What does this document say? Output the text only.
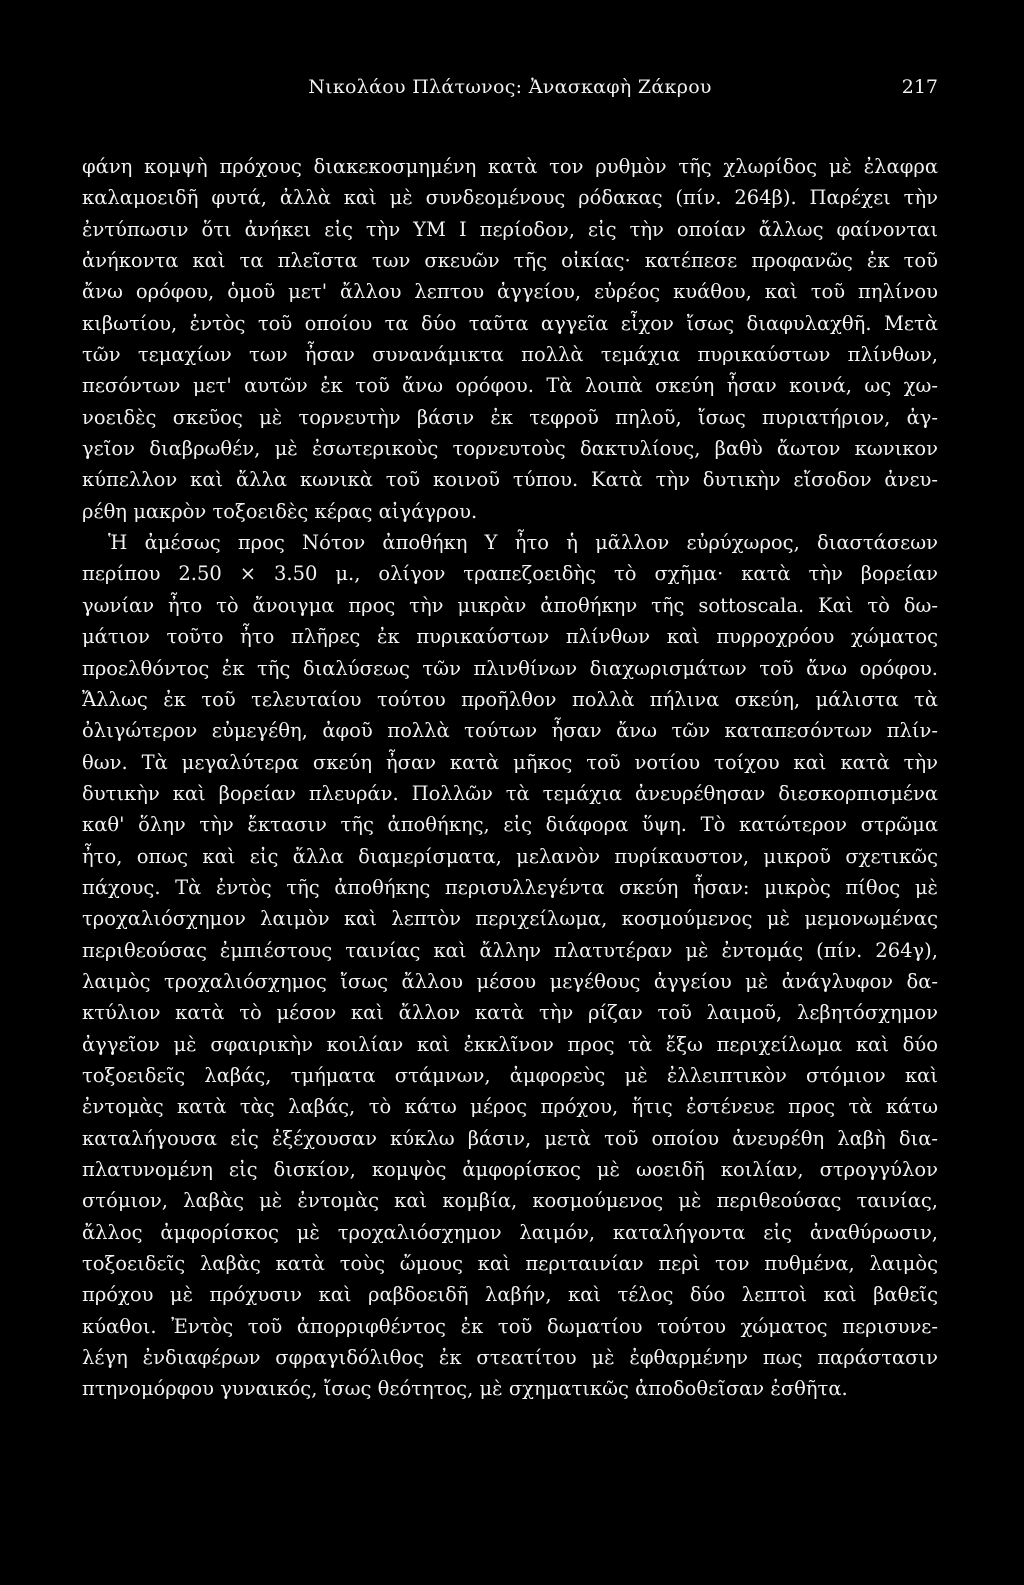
Νικολάου Πλάτωνος: Ἀνασκαφὴ Ζάκρου	217
φάνη κομψὴ πρόχους διακεκοσμημένη κατὰ τον ρυθμὸν τῆς χλωρίδος μὲ ἐλαφρα
καλαμοειδῆ φυτά, ἀλλὰ καὶ μὲ συνδεομένους ρόδακας (πίν. 264β). Παρέχει τὴν
ἐντύπωσιν ὅτι ἀνήκει εἰς τὴν ΥΜ Ι περίοδον, εἰς τὴν οποίαν ἄλλως φαίνονται
ἀνήκοντα καὶ τα πλεῖστα των σκευῶν τῆς οἰκίας· κατέπεσε προφανῶς ἐκ τοῦ
ἄνω ορόφου, ὁμοῦ μετ' ἄλλου λεπτου ἀγγείου, εὐρέος κυάθου, καὶ τοῦ πηλίνου
κιβωτίου, ἐντὸς τοῦ οποίου τα δύο ταῦτα αγγεῖα εἶχον ἴσως διαφυλαχθῆ. Μετὰ
τῶν τεμαχίων των ἦσαν συνανάμικτα πολλὰ τεμάχια πυρικαύστων πλίνθων,
πεσόντων μετ' αυτῶν ἐκ τοῦ ἄνω ορόφου. Τὰ λοιπὰ σκεύη ἦσαν κοινά, ως χω-
νοειδὲς σκεῦος μὲ τορνευτὴν βάσιν ἐκ τεφροῦ πηλοῦ, ἴσως πυριατήριον, ἀγ-
γεῖον διαβρωθέν, μὲ ἐσωτερικοὺς τορνευτοὺς δακτυλίους, βαθὺ ἄωτον κωνικον
κύπελλον καὶ ἄλλα κωνικὰ τοῦ κοινοῦ τύπου. Κατὰ τὴν δυτικὴν εἴσοδον ἀνευ-
ρέθη μακρὸν τοξοειδὲς κέρας αἰγάγρου.
Ἡ ἀμέσως προς Νότον ἀποθήκη Υ ἦτο ἡ μᾶλλον εὐρύχωρος, διαστάσεων
περίπου 2.50 × 3.50 μ., ολίγον τραπεζοειδὴς τὸ σχῆμα· κατὰ τὴν βορείαν
γωνίαν ἦτο τὸ ἄνοιγμα προς τὴν μικρὰν ἀποθήκην τῆς sottoscala. Καὶ τὸ δω-
μάτιον τοῦτο ἦτο πλῆρες ἐκ πυρικαύστων πλίνθων καὶ πυρροχρόου χώματος
προελθόντος ἐκ τῆς διαλύσεως τῶν πλινθίνων διαχωρισμάτων τοῦ ἄνω ορόφου.
Ἄλλως ἐκ τοῦ τελευταίου τούτου προῆλθον πολλὰ πήλινα σκεύη, μάλιστα τὰ
ὀλιγώτερον εὐμεγέθη, ἀφοῦ πολλὰ τούτων ἦσαν ἄνω τῶν καταπεσόντων πλίν-
θων. Τὰ μεγαλύτερα σκεύη ἦσαν κατὰ μῆκος τοῦ νοτίου τοίχου καὶ κατὰ τὴν
δυτικὴν καὶ βορείαν πλευράν. Πολλῶν τὰ τεμάχια ἀνευρέθησαν διεσκορπισμένα
καθ' ὅλην τὴν ἔκτασιν τῆς ἀποθήκης, εἰς διάφορα ὕψη. Τὸ κατώτερον στρῶμα
ἦτο, οπως καὶ εἰς ἄλλα διαμερίσματα, μελανὸν πυρίκαυστον, μικροῦ σχετικῶς
πάχους. Τὰ ἐντὸς τῆς ἀποθήκης περισυλλεγέντα σκεύη ἦσαν: μικρὸς πίθος μὲ
τροχαλιόσχημον λαιμὸν καὶ λεπτὸν περιχείλωμα, κοσμούμενος μὲ μεμονωμένας
περιθεούσας ἐμπιέστους ταινίας καὶ ἄλλην πλατυτέραν μὲ ἐντομάς (πίν. 264γ),
λαιμὸς τροχαλιόσχημος ἴσως ἄλλου μέσου μεγέθους ἀγγείου μὲ ἀνάγλυφον δα-
κτύλιον κατὰ τὸ μέσον καὶ ἄλλον κατὰ τὴν ρίζαν τοῦ λαιμοῦ, λεβητόσχημον
ἀγγεῖον μὲ σφαιρικὴν κοιλίαν καὶ ἐκκλῖνον προς τὰ ἔξω περιχείλωμα καὶ δύο
τοξοειδεῖς λαβάς, τμήματα στάμνων, ἀμφορεὺς μὲ ἐλλειπτικὸν στόμιον καὶ
ἐντομὰς κατὰ τὰς λαβάς, τὸ κάτω μέρος πρόχου, ἥτις ἐστένευε προς τὰ κάτω
καταλήγουσα εἰς ἐξέχουσαν κύκλω βάσιν, μετὰ τοῦ οποίου ἀνευρέθη λαβὴ δια-
πλατυνομένη εἰς δισκίον, κομψὸς ἀμφορίσκος μὲ ωοειδῆ κοιλίαν, στρογγύλον
στόμιον, λαβὰς μὲ ἐντομὰς καὶ κομβία, κοσμούμενος μὲ περιθεούσας ταινίας,
ἄλλος ἀμφορίσκος μὲ τροχαλιόσχημον λαιμόν, καταλήγοντα εἰς ἀναθύρωσιν,
τοξοειδεῖς λαβὰς κατὰ τοὺς ὤμους καὶ περιταινίαν περὶ τον πυθμένα, λαιμὸς
πρόχου μὲ πρόχυσιν καὶ ραβδοειδῆ λαβήν, καὶ τέλος δύο λεπτοὶ καὶ βαθεῖς
κύαθοι. Ἐντὸς τοῦ ἀπορριφθέντος ἐκ τοῦ δωματίου τούτου χώματος περισυνε-
λέγη ἐνδιαφέρων σφραγιδόλιθος ἐκ στεατίτου μὲ ἐφθαρμένην πως παράστασιν
πτηνομόρφου γυναικός, ἴσως θεότητος, μὲ σχηματικῶς ἀποδοθεῖσαν ἐσθῆτα.
